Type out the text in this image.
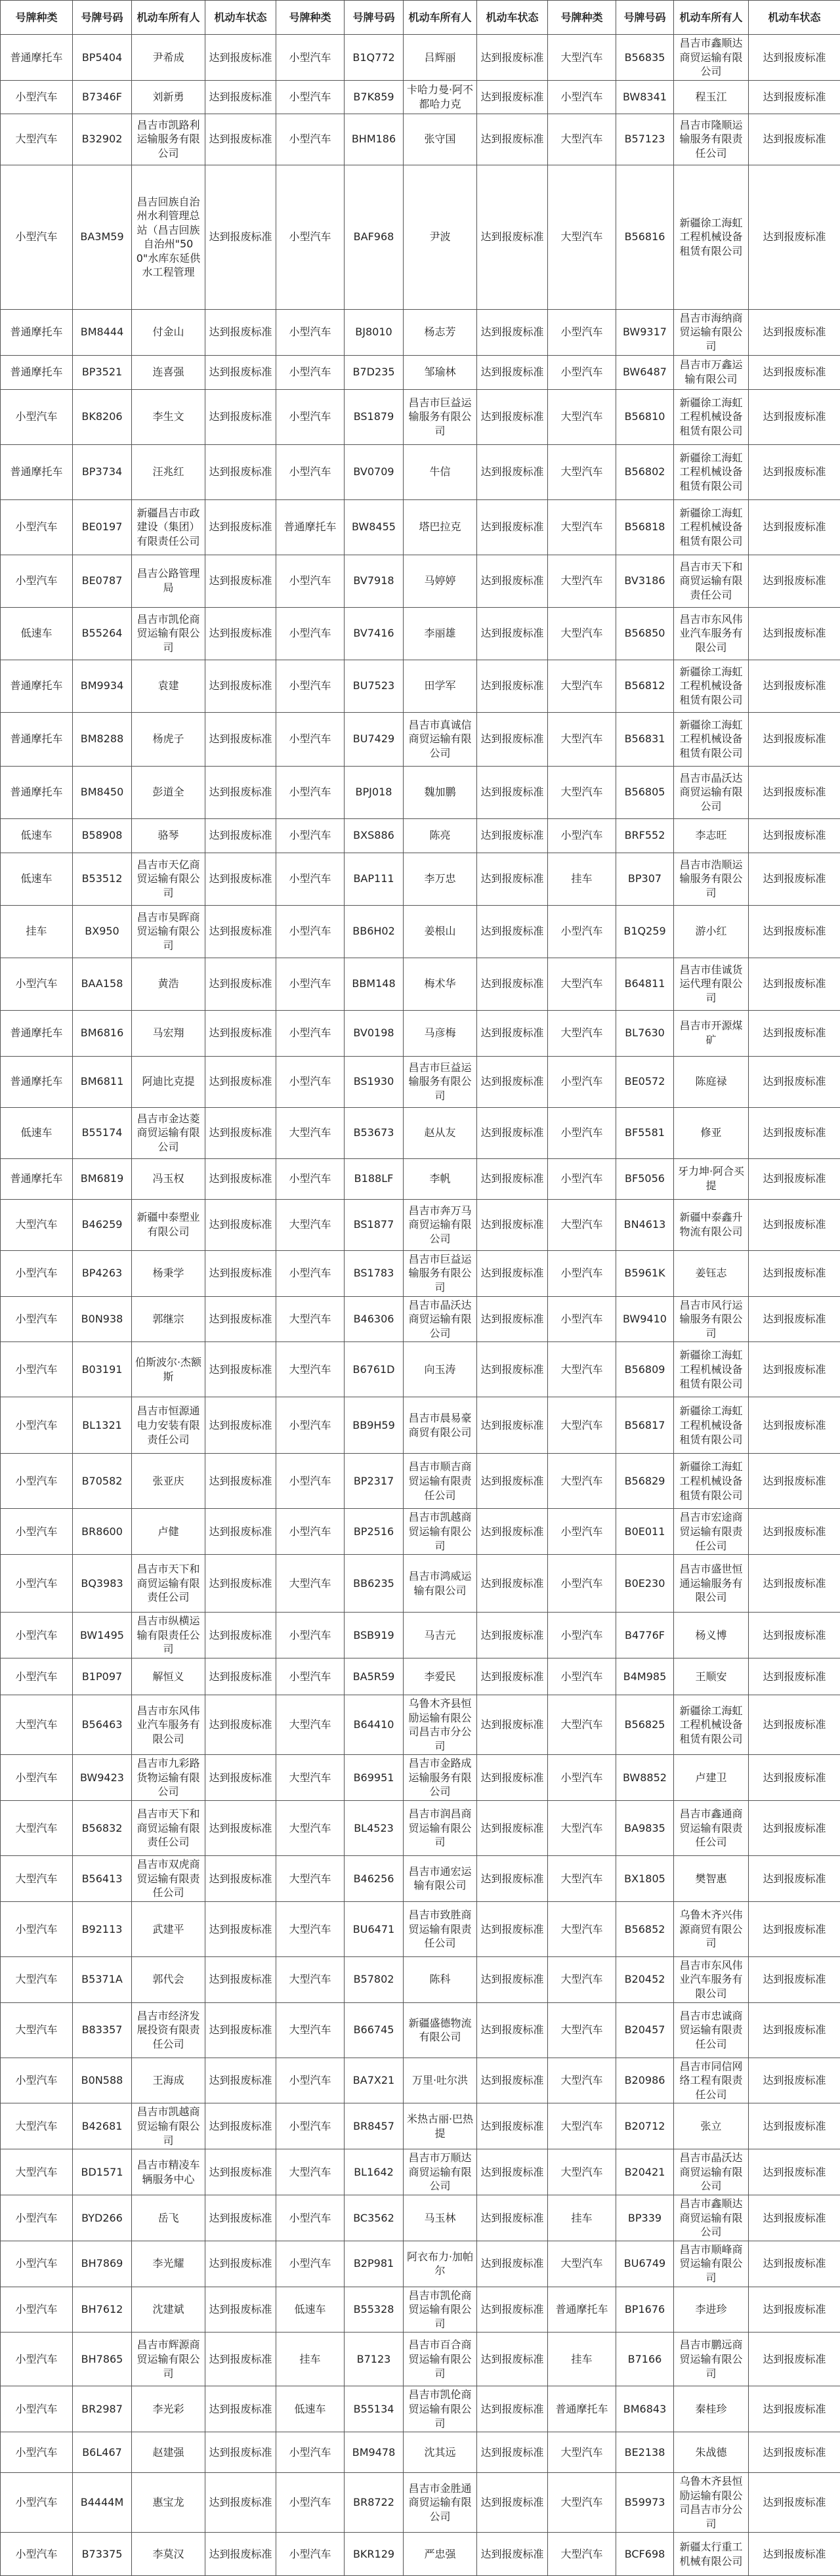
号牌种类	号牌号码	机动车所有人	机动车状态	号牌种类	号牌号码	机动车所有人	机动车状态	号牌种类	号牌号码	机动车所有人	机动车状态
普通摩托车	BP5404	尹希成	达到报废标准	小型汽车	B1Q772	吕辉丽	达到报废标准	大型汽车	B56835	昌吉市鑫顺达商贸运输有限公司	达到报废标准
小型汽车	B7346F	刘新勇	达到报废标准	小型汽车	B7K859	卡哈力曼·阿不都哈力克	达到报废标准	小型汽车	BW8341	程玉江	达到报废标准
大型汽车	B32902	昌吉市凯路利运输服务有限公司	达到报废标准	小型汽车	BHM186	张守国	达到报废标准	大型汽车	B57123	昌吉市隆顺运输服务有限责任公司	达到报废标准
小型汽车	BA3M59	昌吉回族自治州水利管理总站（昌吉回族自治州"500"水库东延供水工程管理	达到报废标准	小型汽车	BAF968	尹波	达到报废标准	大型汽车	B56816	新疆徐工海虹工程机械设备租赁有限公司	达到报废标准
普通摩托车	BM8444	付金山	达到报废标准	小型汽车	BJ8010	杨志芳	达到报废标准	小型汽车	BW9317	昌吉市海纳商贸运输有限公司	达到报废标准
普通摩托车	BP3521	连喜强	达到报废标准	小型汽车	B7D235	邹瑜林	达到报废标准	小型汽车	BW6487	昌吉市万鑫运输有限公司	达到报废标准
小型汽车	BK8206	李生文	达到报废标准	小型汽车	BS1879	昌吉市巨益运输服务有限公司	达到报废标准	大型汽车	B56810	新疆徐工海虹工程机械设备租赁有限公司	达到报废标准
普通摩托车	BP3734	汪兆红	达到报废标准	小型汽车	BV0709	牛信	达到报废标准	大型汽车	B56802	新疆徐工海虹工程机械设备租赁有限公司	达到报废标准
小型汽车	BE0197	新疆昌吉市政建设（集团）有限责任公司	达到报废标准	普通摩托车	BW8455	塔巴拉克	达到报废标准	大型汽车	B56818	新疆徐工海虹工程机械设备租赁有限公司	达到报废标准
小型汽车	BE0787	昌吉公路管理局	达到报废标准	小型汽车	BV7918	马婷婷	达到报废标准	大型汽车	BV3186	昌吉市天下和商贸运输有限责任公司	达到报废标准
低速车	B55264	昌吉市凯伦商贸运输有限公司	达到报废标准	小型汽车	BV7416	李丽雄	达到报废标准	大型汽车	B56850	昌吉市东风伟业汽车服务有限公司	达到报废标准
普通摩托车	BM9934	袁建	达到报废标准	小型汽车	BU7523	田学军	达到报废标准	大型汽车	B56812	新疆徐工海虹工程机械设备租赁有限公司	达到报废标准
普通摩托车	BM8288	杨虎子	达到报废标准	小型汽车	BU7429	昌吉市真诚信商贸运输有限公司	达到报废标准	大型汽车	B56831	新疆徐工海虹工程机械设备租赁有限公司	达到报废标准
普通摩托车	BM8450	彭道全	达到报废标准	小型汽车	BPJ018	魏加鹏	达到报废标准	大型汽车	B56805	昌吉市晶沃达商贸运输有限公司	达到报废标准
低速车	B58908	骆琴	达到报废标准	小型汽车	BXS886	陈亮	达到报废标准	小型汽车	BRF552	李志旺	达到报废标准
低速车	B53512	昌吉市天亿商贸运输有限公司	达到报废标准	小型汽车	BAP111	李万忠	达到报废标准	挂车	BP307	昌吉市浩顺运输服务有限公司	达到报废标准
挂车	BX950	昌吉市昊晖商贸运输有限公司	达到报废标准	小型汽车	BB6H02	姜根山	达到报废标准	小型汽车	B1Q259	游小红	达到报废标准
小型汽车	BAA158	黄浩	达到报废标准	小型汽车	BBM148	梅术华	达到报废标准	大型汽车	B64811	昌吉市佳诚货运代理有限公司	达到报废标准
普通摩托车	BM6816	马宏翔	达到报废标准	小型汽车	BV0198	马彦梅	达到报废标准	大型汽车	BL7630	昌吉市开源煤矿	达到报废标准
普通摩托车	BM6811	阿迪比克提	达到报废标准	小型汽车	BS1930	昌吉市巨益运输服务有限公司	达到报废标准	小型汽车	BE0572	陈庭禄	达到报废标准
低速车	B55174	昌吉市金达菱商贸运输有限公司	达到报废标准	大型汽车	B53673	赵从友	达到报废标准	小型汽车	BF5581	修亚	达到报废标准
普通摩托车	BM6819	冯玉权	达到报废标准	小型汽车	B188LF	李帆	达到报废标准	小型汽车	BF5056	牙力坤·阿合买提	达到报废标准
大型汽车	B46259	新疆中泰塑业有限公司	达到报废标准	大型汽车	BS1877	昌吉市奔万马商贸运输有限公司	达到报废标准	大型汽车	BN4613	新疆中泰鑫升物流有限公司	达到报废标准
小型汽车	BP4263	杨秉学	达到报废标准	小型汽车	BS1783	昌吉市巨益运输服务有限公司	达到报废标准	小型汽车	B5961K	姜钰志	达到报废标准
小型汽车	B0N938	郭继宗	达到报废标准	大型汽车	B46306	昌吉市晶沃达商贸运输有限公司	达到报废标准	小型汽车	BW9410	昌吉市风行运输服务有限公司	达到报废标准
小型汽车	B03191	伯斯波尔·杰额斯	达到报废标准	大型汽车	B6761D	向玉涛	达到报废标准	大型汽车	B56809	新疆徐工海虹工程机械设备租赁有限公司	达到报废标准
小型汽车	BL1321	昌吉市恒源通电力安装有限责任公司	达到报废标准	小型汽车	BB9H59	昌吉市晨易豪商贸有限公司	达到报废标准	大型汽车	B56817	新疆徐工海虹工程机械设备租赁有限公司	达到报废标准
小型汽车	B70582	张亚庆	达到报废标准	小型汽车	BP2317	昌吉市顺吉商贸运输有限责任公司	达到报废标准	大型汽车	B56829	新疆徐工海虹工程机械设备租赁有限公司	达到报废标准
小型汽车	BR8600	卢健	达到报废标准	小型汽车	BP2516	昌吉市凯越商贸运输有限公司	达到报废标准	小型汽车	B0E011	昌吉市宏途商贸运输有限责任公司	达到报废标准
小型汽车	BQ3983	昌吉市天下和商贸运输有限责任公司	达到报废标准	大型汽车	BB6235	昌吉市鸿威运输有限公司	达到报废标准	小型汽车	B0E230	昌吉市盛世恒通运输服务有限公司	达到报废标准
小型汽车	BW1495	昌吉市纵横运输有限责任公司	达到报废标准	小型汽车	BSB919	马吉元	达到报废标准	小型汽车	B4776F	杨义博	达到报废标准
小型汽车	B1P097	解恒义	达到报废标准	小型汽车	BA5R59	李爱民	达到报废标准	小型汽车	B4M985	王顺安	达到报废标准
大型汽车	B56463	昌吉市东风伟业汽车服务有限公司	达到报废标准	大型汽车	B64410	乌鲁木齐县恒励运输有限公司昌吉市分公司	达到报废标准	大型汽车	B56825	新疆徐工海虹工程机械设备租赁有限公司	达到报废标准
小型汽车	BW9423	昌吉市九彩路货物运输有限公司	达到报废标准	大型汽车	B69951	昌吉市金路成运输服务有限公司	达到报废标准	小型汽车	BW8852	卢建卫	达到报废标准
大型汽车	B56832	昌吉市天下和商贸运输有限责任公司	达到报废标准	大型汽车	BL4523	昌吉市润昌商贸运输有限公司	达到报废标准	大型汽车	BA9835	昌吉市鑫通商贸运输有限责任公司	达到报废标准
大型汽车	B56413	昌吉市双虎商贸运输有限责任公司	达到报废标准	大型汽车	B46256	昌吉市通宏运输有限公司	达到报废标准	大型汽车	BX1805	樊智惠	达到报废标准
小型汽车	B92113	武建平	达到报废标准	大型汽车	BU6471	昌吉市致胜商贸运输有限责任公司	达到报废标准	大型汽车	B56852	乌鲁木齐兴伟源商贸有限公司	达到报废标准
大型汽车	B5371A	郭代会	达到报废标准	大型汽车	B57802	陈科	达到报废标准	大型汽车	B20452	昌吉市东风伟业汽车服务有限公司	达到报废标准
大型汽车	B83357	昌吉市经济发展投资有限责任公司	达到报废标准	大型汽车	B66745	新疆盛德物流有限公司	达到报废标准	大型汽车	B20457	昌吉市忠诚商贸运输有限责任公司	达到报废标准
小型汽车	B0N588	王海成	达到报废标准	小型汽车	BA7X21	万里·吐尔洪	达到报废标准	大型汽车	B20986	昌吉市同信网络工程有限责任公司	达到报废标准
大型汽车	B42681	昌吉市凯越商贸运输有限公司	达到报废标准	小型汽车	BR8457	米热古丽·巴热提	达到报废标准	大型汽车	B20712	张立	达到报废标准
大型汽车	BD1571	昌吉市精凌车辆服务中心	达到报废标准	大型汽车	BL1642	昌吉市万顺达商贸运输有限公司	达到报废标准	大型汽车	B20421	昌吉市晶沃达商贸运输有限公司	达到报废标准
小型汽车	BYD266	岳飞	达到报废标准	小型汽车	BC3562	马玉林	达到报废标准	挂车	BP339	昌吉市鑫顺达商贸运输有限公司	达到报废标准
小型汽车	BH7869	李光耀	达到报废标准	小型汽车	B2P981	阿衣布力·加帕尔	达到报废标准	大型汽车	BU6749	昌吉市顺峰商贸运输有限公司	达到报废标准
小型汽车	BH7612	沈建斌	达到报废标准	低速车	B55328	昌吉市凯伦商贸运输有限公司	达到报废标准	普通摩托车	BP1676	李进珍	达到报废标准
小型汽车	BH7865	昌吉市辉源商贸运输有限公司	达到报废标准	挂车	B7123	昌吉市百合商贸运输有限公司	达到报废标准	挂车	B7166	昌吉市鹏远商贸运输有限公司	达到报废标准
小型汽车	BR2987	李光彩	达到报废标准	低速车	B55134	昌吉市凯伦商贸运输有限公司	达到报废标准	普通摩托车	BM6843	秦桂珍	达到报废标准
小型汽车	B6L467	赵建强	达到报废标准	小型汽车	BM9478	沈其远	达到报废标准	大型汽车	BE2138	朱战德	达到报废标准
小型汽车	B4444M	惠宝龙	达到报废标准	小型汽车	BR8722	昌吉市金胜通商贸运输有限公司	达到报废标准	大型汽车	B59973	乌鲁木齐县恒励运输有限公司昌吉市分公司	达到报废标准
小型汽车	B73375	李莫汉	达到报废标准	小型汽车	BKR129	严忠强	达到报废标准	大型汽车	BCF698	新疆太行重工机械有限公司	达到报废标准
